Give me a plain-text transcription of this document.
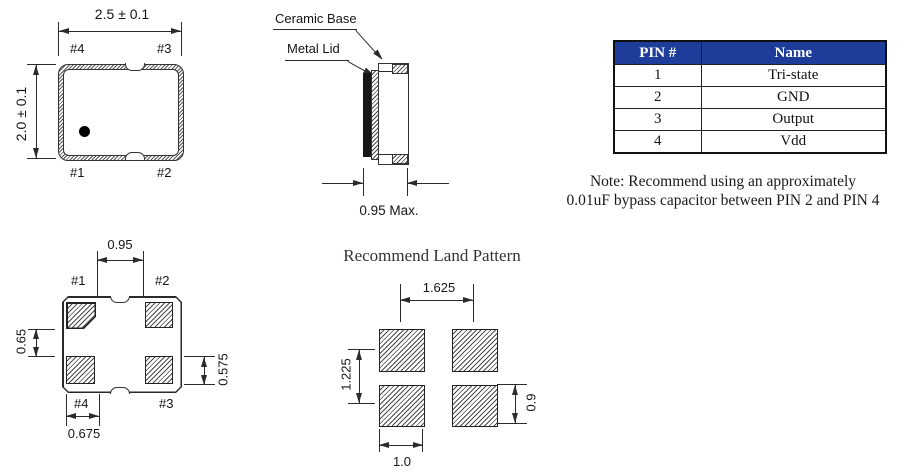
2.5 ± 0.1
2.0 ± 0.1
#4	#3
#1	#2
Ceramic Base
Metal Lid
0.95 Max.
PIN #	Name
1	Tri-state
2	GND
3	Output
4	Vdd
Note: Recommend using an approximately
0.01uF bypass capacitor between PIN 2 and PIN 4
#1	#2
#4	#3
0.95
0.65
0.575
0.675
Recommend Land Pattern
1.625
1.225
0.9
1.0
